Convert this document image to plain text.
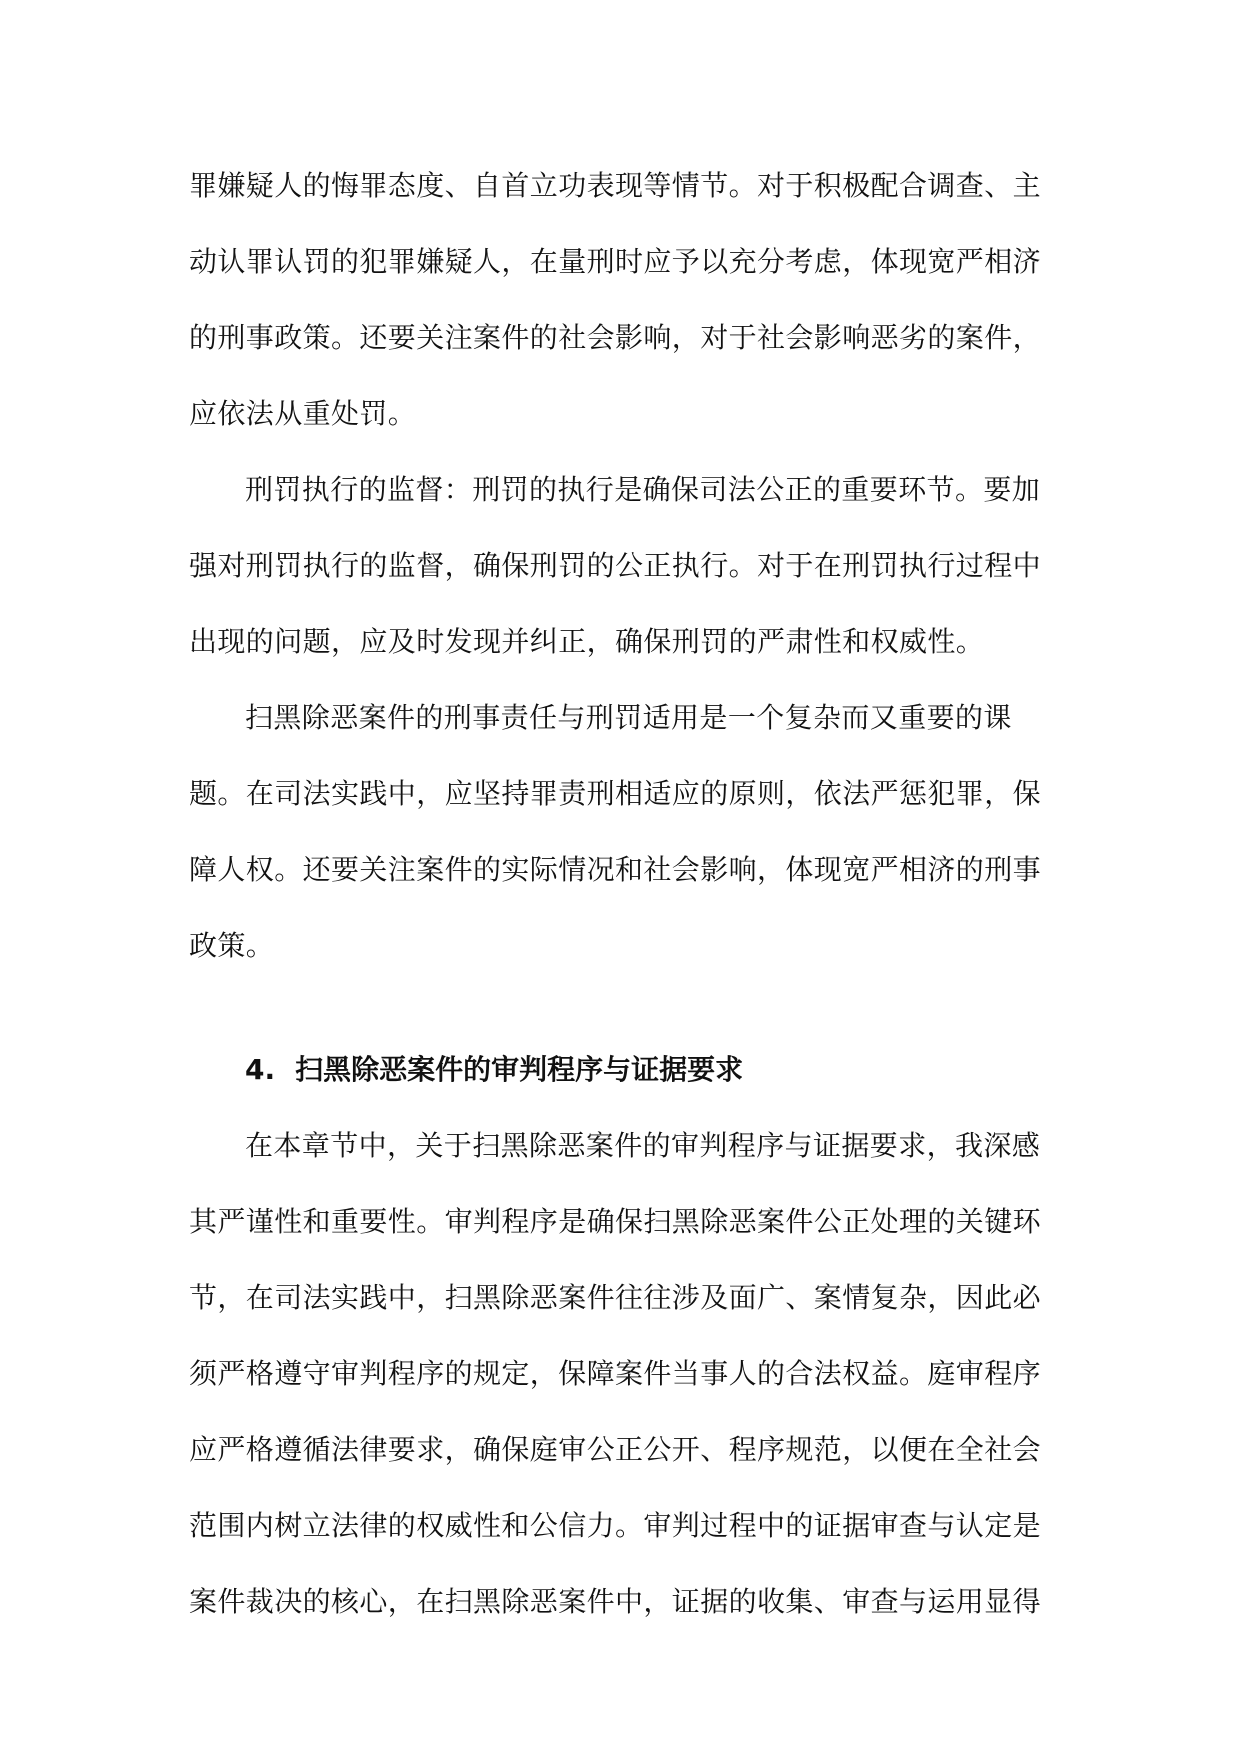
罪嫌疑人的悔罪态度、自首立功表现等情节。对于积极配合调查、主
动认罪认罚的犯罪嫌疑人，在量刑时应予以充分考虑，体现宽严相济
的刑事政策。还要关注案件的社会影响，对于社会影响恶劣的案件，
应依法从重处罚。
刑罚执行的监督：刑罚的执行是确保司法公正的重要环节。要加
强对刑罚执行的监督，确保刑罚的公正执行。对于在刑罚执行过程中
出现的问题，应及时发现并纠正，确保刑罚的严肃性和权威性。
扫黑除恶案件的刑事责任与刑罚适用是一个复杂而又重要的课
题。在司法实践中，应坚持罪责刑相适应的原则，依法严惩犯罪，保
障人权。还要关注案件的实际情况和社会影响，体现宽严相济的刑事
政策。
4. 扫黑除恶案件的审判程序与证据要求
在本章节中，关于扫黑除恶案件的审判程序与证据要求，我深感
其严谨性和重要性。审判程序是确保扫黑除恶案件公正处理的关键环
节，在司法实践中，扫黑除恶案件往往涉及面广、案情复杂，因此必
须严格遵守审判程序的规定，保障案件当事人的合法权益。庭审程序
应严格遵循法律要求，确保庭审公正公开、程序规范，以便在全社会
范围内树立法律的权威性和公信力。审判过程中的证据审查与认定是
案件裁决的核心，在扫黑除恶案件中，证据的收集、审查与运用显得
